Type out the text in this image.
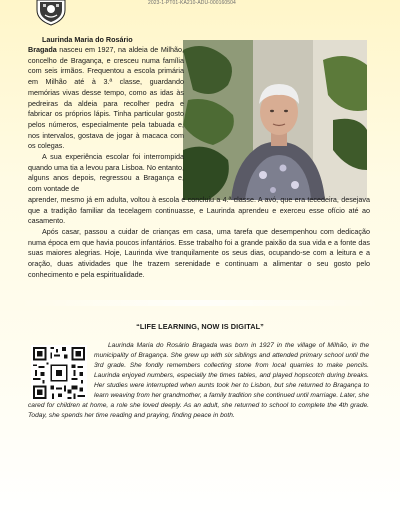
2023-1-PT01-KA210-ADU-000160504

Laurinda Maria do Rosário
Bragada nasceu em 1927, na aldeia de Milhão, concelho de Bragança, e cresceu numa família com seis irmãos. Frequentou a escola primária em Milhão até à 3.ª classe, guardando memórias vivas desse tempo, como as idas às pedreiras da aldeia para recolher pedra e fabricar os próprios lápis. Tinha particular gosto pelos números, especialmente pela tabuada e, nos intervalos, gostava de jogar à macaca com os colegas.

A sua experiência escolar foi interrompida quando uma tia a levou para Lisboa. No entanto, alguns anos depois, regressou a Bragança e, com vontade de
aprender, mesmo já em adulta, voltou à escola e concluiu a 4.ª classe. A avó, que era tecedeira, desejava que a tradição familiar da tecelagem continuasse, e Laurinda aprendeu e exerceu esse ofício até ao casamento.

Após casar, passou a cuidar de crianças em casa, uma tarefa que desempenhou com dedicação numa época em que havia poucos infantários. Esse trabalho foi a grande paixão da sua vida e a fonte das suas maiores alegrias. Hoje, Laurinda vive tranquilamente os seus dias, ocupando-se com a leitura e a oração, duas atividades que lhe trazem serenidade e continuam a alimentar o seu gosto pelo conhecimento e pela espiritualidade.

“LIFE LEARNING, NOW IS DIGITAL”

Laurinda Maria do Rosário Bragada was born in 1927 in the village of Milhão, in the municipality of Bragança. She grew up with six siblings and attended primary school until the 3rd grade. She fondly remembers collecting stone from local quarries to make pencils. Laurinda enjoyed numbers, especially the times tables, and played hopscotch during breaks. Her studies were interrupted when aunts took her to Lisbon, but she returned to Bragança to learn weaving from her grandmother, a family tradition she continued until marriage. Later, she cared for children at home, a role she loved deeply. As an adult, she returned to school to complete the 4th grade. Today, she spends her time reading and praying, finding peace in both.
